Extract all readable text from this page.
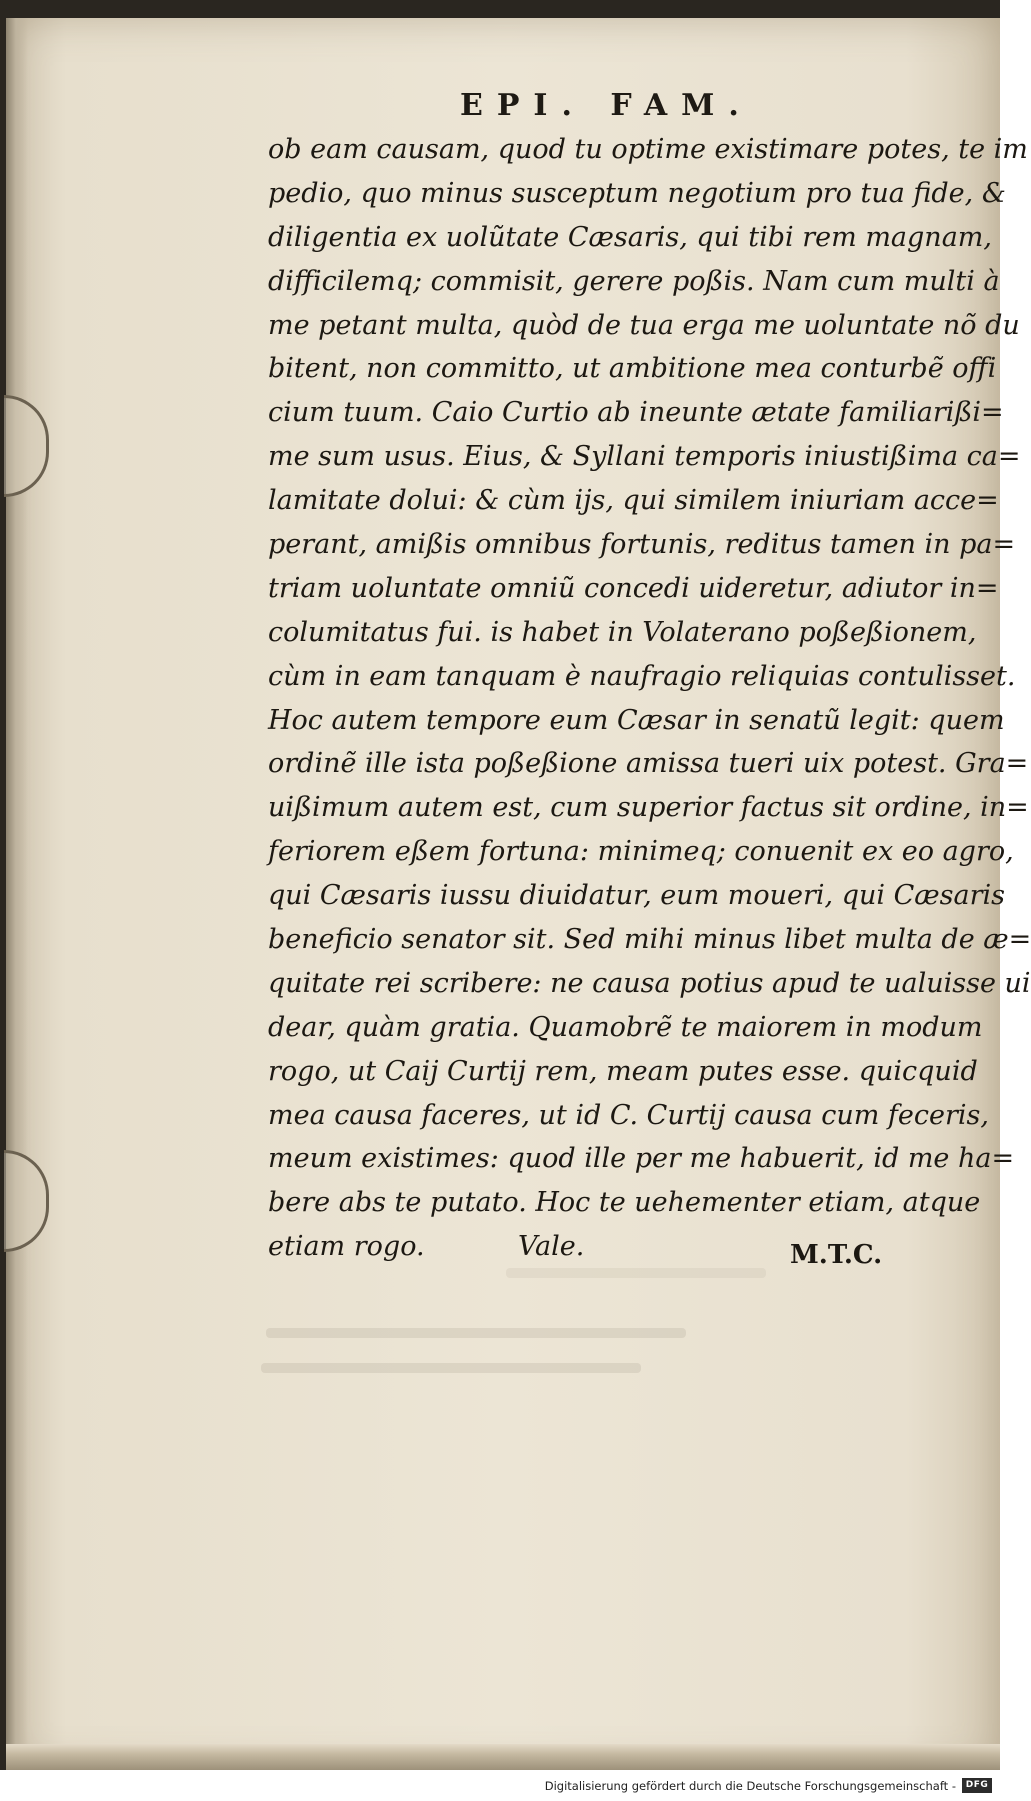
EPI. FAM.
ob eam causam, quod tu optime existimare potes, te im
pedio, quo minus susceptum negotium pro tua fide, &
diligentia ex uolũtate Cæsaris, qui tibi rem magnam,
difficilemq; commisit, gerere poßis. Nam cum multi à
me petant multa, quòd de tua erga me uoluntate nõ du
bitent, non committo, ut ambitione mea conturbẽ offi
cium tuum. Caio Curtio ab ineunte ætate familiarißi=
me sum usus. Eius, & Syllani temporis iniustißima ca=
lamitate dolui: & cùm ijs, qui similem iniuriam acce=
perant, amißis omnibus fortunis, reditus tamen in pa=
triam uoluntate omniũ concedi uideretur, adiutor in=
columitatus fui. is habet in Volaterano poßeßionem,
cùm in eam tanquam è naufragio reliquias contulisset.
Hoc autem tempore eum Cæsar in senatũ legit: quem
ordinẽ ille ista poßeßione amissa tueri uix potest. Gra=
uißimum autem est, cum superior factus sit ordine, in=
feriorem eßem fortuna: minimeq; conuenit ex eo agro,
qui Cæsaris iussu diuidatur, eum moueri, qui Cæsaris
beneficio senator sit. Sed mihi minus libet multa de æ=
quitate rei scribere: ne causa potius apud te ualuisse ui
dear, quàm gratia. Quamobrẽ te maiorem in modum
rogo, ut Caij Curtij rem, meam putes esse. quicquid
mea causa faceres, ut id C. Curtij causa cum feceris,
meum existimes: quod ille per me habuerit, id me ha=
bere abs te putato. Hoc te uehementer etiam, atque
etiam rogo.	Vale.	M.T.C.
Digitalisierung gefördert durch die Deutsche Forschungsgemeinschaft -	DFG
